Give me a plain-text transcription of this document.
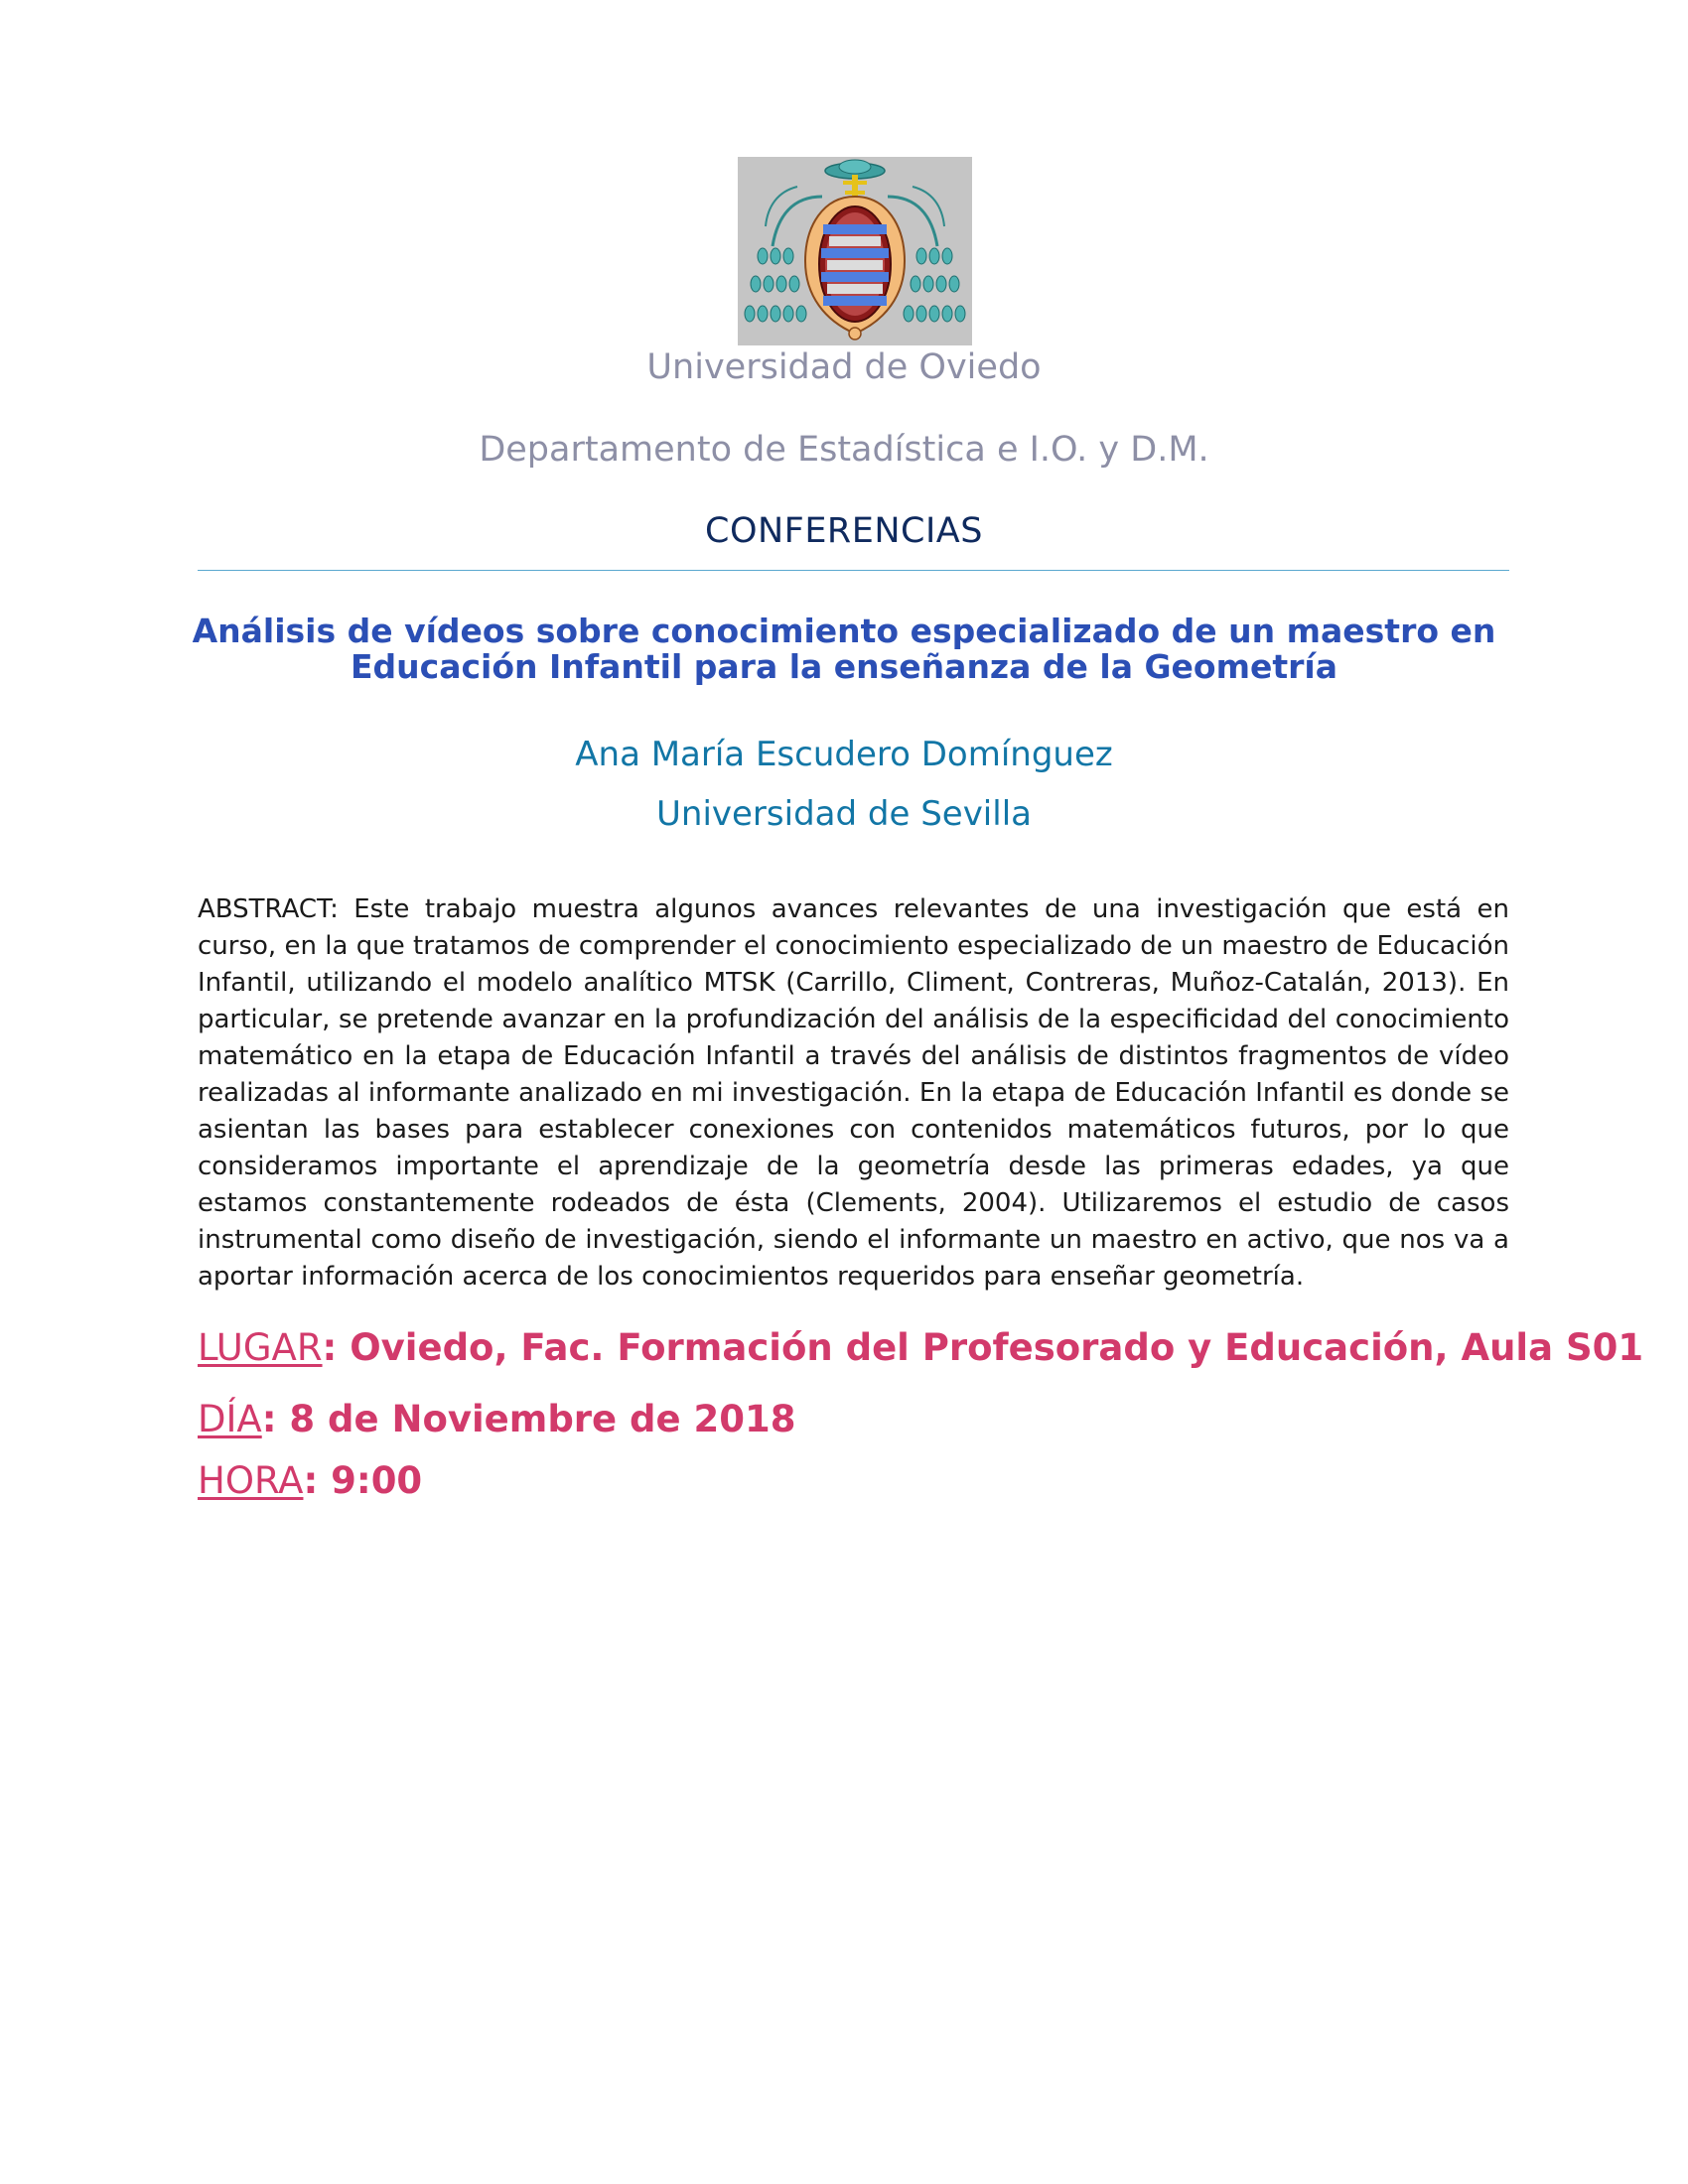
Universidad de Oviedo
Departamento de Estadística e I.O. y D.M.
CONFERENCIAS
Análisis de vídeos sobre conocimiento especializado de un maestro en
Educación Infantil para la enseñanza de la Geometría
Ana María Escudero Domínguez
Universidad de Sevilla
ABSTRACT: Este trabajo muestra algunos avances relevantes de una investigación que está en curso, en la que tratamos de comprender el conocimiento especializado de un maestro de Educación Infantil, utilizando el modelo analítico MTSK (Carrillo, Climent, Contreras, Muñoz-Catalán, 2013). En particular, se pretende avanzar en la profundización del análisis de la especificidad del conocimiento matemático en la etapa de Educación Infantil a través del análisis de distintos fragmentos de vídeo realizadas al informante analizado en mi investigación. En la etapa de Educación Infantil es donde se asientan las bases para establecer conexiones con contenidos matemáticos futuros, por lo que consideramos importante el aprendizaje de la geometría desde las primeras edades, ya que estamos constantemente rodeados de ésta (Clements, 2004). Utilizaremos el estudio de casos instrumental como diseño de investigación, siendo el informante un maestro en activo, que nos va a aportar información acerca de los conocimientos requeridos para enseñar geometría.
LUGAR: Oviedo, Fac. Formación del Profesorado y Educación, Aula S01
DÍA: 8 de Noviembre de 2018
HORA: 9:00
